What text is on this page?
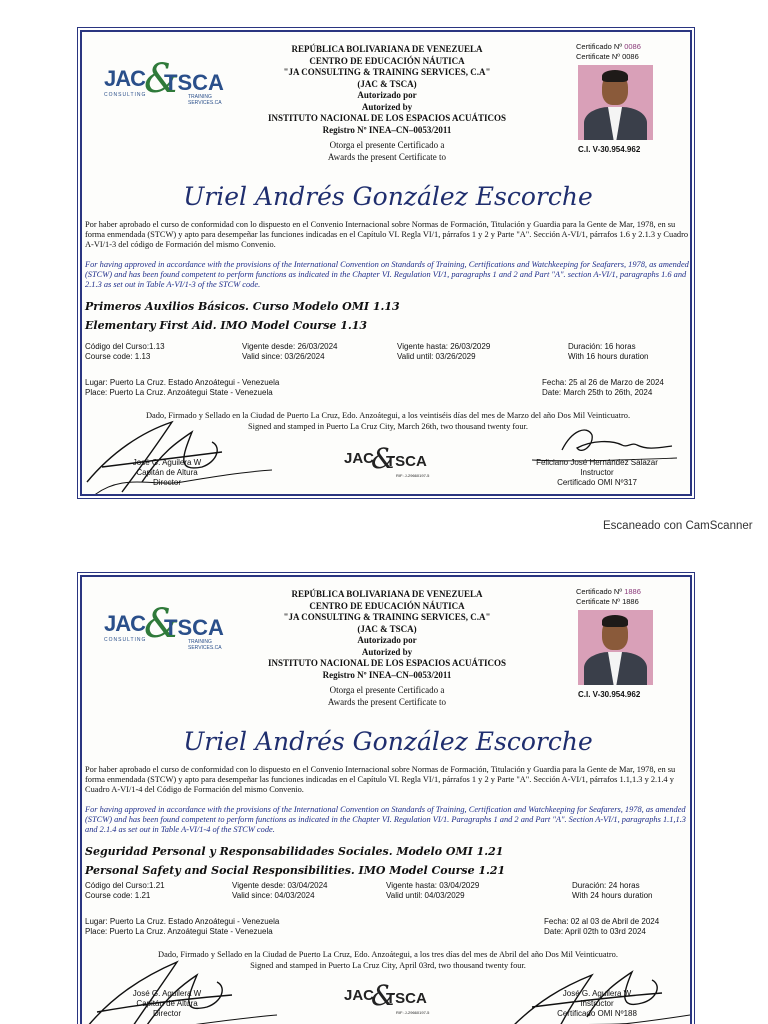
JAC
&
TSCA
CONSULTING	TRAINING SERVICES.CA
REPÚBLICA BOLIVARIANA DE VENEZUELA
CENTRO DE EDUCACIÓN NÁUTICA
"JA CONSULTING & TRAINING SERVICES, C.A"
(JAC & TSCA)
Autorizado por
Autorized by
INSTITUTO NACIONAL DE LOS ESPACIOS ACUÁTICOS
Registro Nº INEA–CN–0053/2011
Otorga el presente Certificado a
Awards the present Certificate to
Certificado Nº 0086
Certificate Nº 0086
C.I. V-30.954.962
Uriel Andrés González Escorche
Por haber aprobado el curso de conformidad con lo dispuesto en el Convenio Internacional sobre Normas de Formación, Titulación y Guardia para la Gente de Mar, 1978, en su forma enmendada (STCW) y apto para desempeñar las funciones indicadas en el Capítulo VI. Regla VI/1, párrafos 1 y 2 y Parte "A". Sección A-VI/1, párrafos 1.6 y 2.1.3 y Cuadro A-VI/1-3 del código de Formación del mismo Convenio.
For having approved in accordance with the provisions of the International Convention on Standards of Training, Certifications and Watchkeeping for Seafarers, 1978, as amended (STCW) and has been found competent to perform functions as indicated in the Chapter VI. Regulation VI/1, paragraphs 1 and 2 and Part "A". section A-VI/1, paragraphs 1.6 and 2.1.3 as set out in Table A-VI/1-3 of the STCW code.
Primeros Auxilios Básicos. Curso Modelo OMI 1.13
Elementary First Aid. IMO Model Course 1.13
Código del Curso:1.13
Course code: 1.13
Vigente desde: 26/03/2024
Valid since: 03/26/2024
Vigente hasta: 26/03/2029
Valid until: 03/26/2029
Duración: 16 horas
With 16 hours duration
Lugar: Puerto La Cruz. Estado Anzoátegui - Venezuela
Place: Puerto La Cruz. Anzoátegui State - Venezuela
Fecha: 25 al 26 de Marzo de 2024
Date: March 25th to 26th, 2024
Dado, Firmado y Sellado en la Ciudad de Puerto La Cruz, Edo. Anzoátegui, a los veintiséis días del mes de Marzo del año Dos Mil Veinticuatro.
Signed and stamped in Puerto La Cruz City, March 26th, two thousand twenty four.
JAC
&
TSCA
RIF: J-29660197-5
José G. Aguilera W
Capitán de Altura
Director
Feliciano José Hernández Salazar
Instructor
Certificado OMI Nº317
JAC
&
TSCA
CONSULTING	TRAINING SERVICES.CA
REPÚBLICA BOLIVARIANA DE VENEZUELA
CENTRO DE EDUCACIÓN NÁUTICA
"JA CONSULTING & TRAINING SERVICES, C.A"
(JAC & TSCA)
Autorizado por
Autorized by
INSTITUTO NACIONAL DE LOS ESPACIOS ACUÁTICOS
Registro Nº INEA–CN–0053/2011
Otorga el presente Certificado a
Awards the present Certificate to
Certificado Nº 1886
Certificate Nº 1886
C.I. V-30.954.962
Uriel Andrés González Escorche
Por haber aprobado el curso de conformidad con lo dispuesto en el Convenio Internacional sobre Normas de Formación, Titulación y Guardia para la Gente de Mar, 1978, en su forma enmendada (STCW) y apto para desempeñar las funciones indicadas en el Capítulo VI. Regla VI/1, párrafos 1 y 2 y Parte "A". Sección A-VI/1, párrafos 1.1,1.3 y 2.1.4 y Cuadro A-VI/1-4 del Código de Formación del mismo Convenio.
For having approved in accordance with the provisions of the International Convention on Standards of Training, Certification and Watchkeeping for Seafarers, 1978, as amended (STCW) and has been found competent to perform functions as indicated in the Chapter VI. Regulation VI/1. Paragraphs 1 and 2 and Part "A". Section A-VI/1, paragraphs 1.1,1.3 and 2.1.4 as set out in Table A-VI/1-4 of the STCW code.
Seguridad Personal y Responsabilidades Sociales. Modelo OMI 1.21
Personal Safety and Social Responsibilities. IMO Model Course 1.21
Código del Curso:1.21
Course code: 1.21
Vigente desde: 03/04/2024
Valid since: 04/03/2024
Vigente hasta: 03/04/2029
Valid until: 04/03/2029
Duración: 24 horas
With 24 hours duration
Lugar: Puerto La Cruz. Estado Anzoátegui - Venezuela
Place: Puerto La Cruz. Anzoátegui State - Venezuela
Fecha: 02 al 03 de Abril de 2024
Date: April 02th to 03rd 2024
Dado, Firmado y Sellado en la Ciudad de Puerto La Cruz, Edo. Anzoátegui, a los tres días del mes de Abril del año Dos Mil Veinticuatro.
Signed and stamped in Puerto La Cruz City, April 03rd, two thousand twenty four.
JAC
&
TSCA
RIF: J-29660197-5
José G. Aguilera W
Capitán de Altura
Director
José G. Aguilera W
Instructor
Certificado OMI Nº188
Escaneado con CamScanner
